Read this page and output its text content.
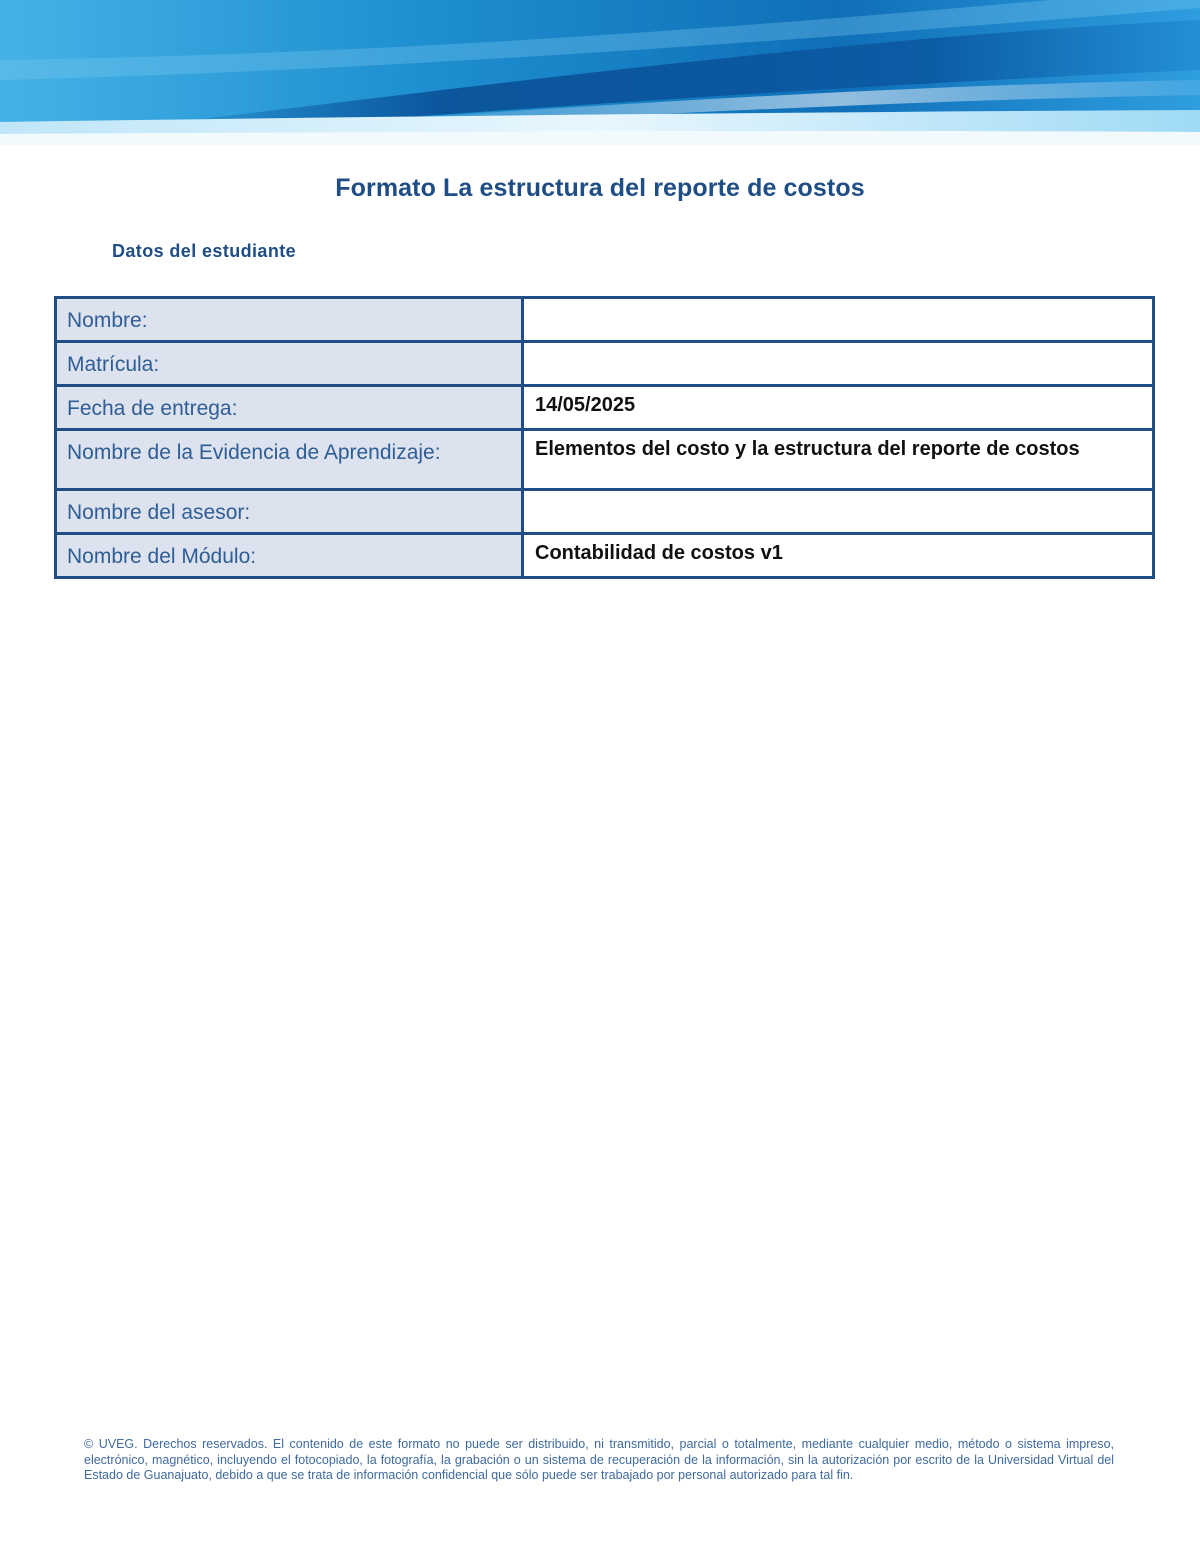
Formato La estructura del reporte de costos
Datos del estudiante
Nombre:	
Matrícula:	
Fecha de entrega:	14/05/2025
Nombre de la Evidencia de Aprendizaje:	Elementos del costo y la estructura del reporte de costos
Nombre del asesor:	
Nombre del Módulo:	Contabilidad de costos v1
© UVEG. Derechos reservados. El contenido de este formato no puede ser distribuido, ni transmitido, parcial o totalmente, mediante cualquier medio, método o sistema impreso, electrónico, magnético, incluyendo el fotocopiado, la fotografía, la grabación o un sistema de recuperación de la información, sin la autorización por escrito de la Universidad Virtual del Estado de Guanajuato, debido a que se trata de información confidencial que sólo puede ser trabajado por personal autorizado para tal fin.
